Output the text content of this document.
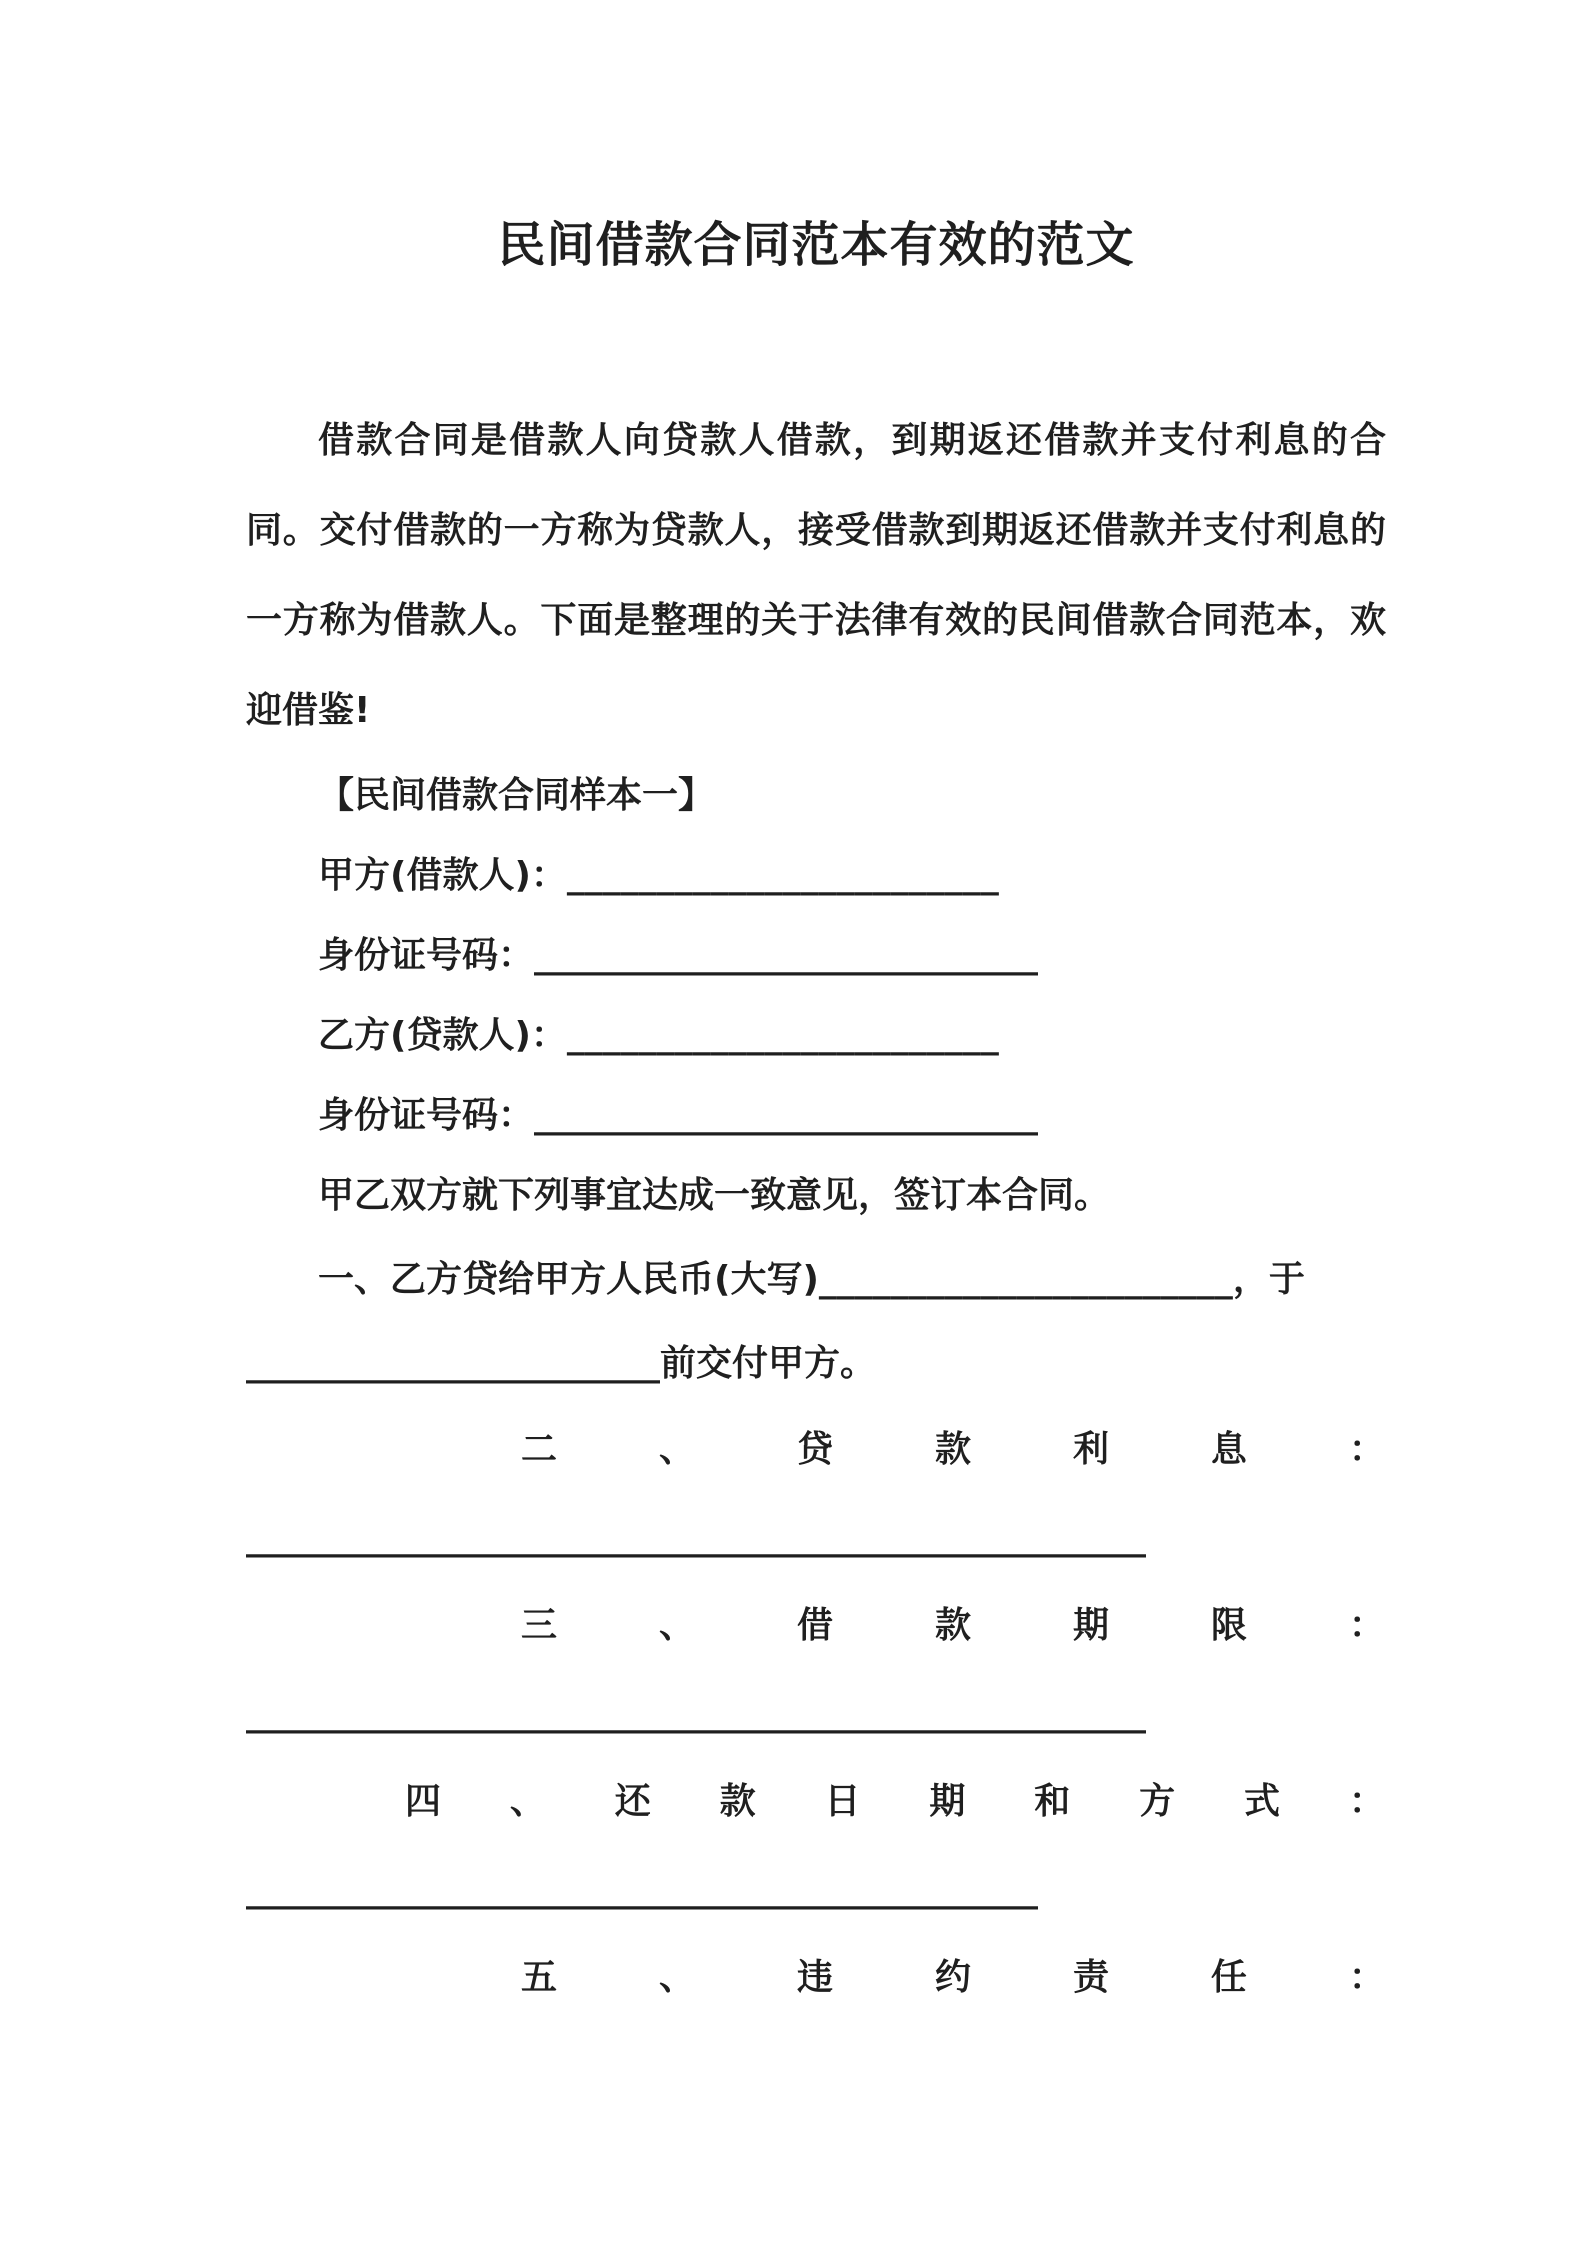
民间借款合同范本有效的范文

借款合同是借款人向贷款人借款，到期返还借款并支付利息的合同。交付借款的一方称为贷款人，接受借款到期返还借款并支付利息的一方称为借款人。下面是整理的关于法律有效的民间借款合同范本，欢迎借鉴!

【民间借款合同样本一】
甲方(借款人)：________________________
身份证号码：____________________________
乙方(贷款人)：________________________
身份证号码：____________________________
甲乙双方就下列事宜达成一致意见，签订本合同。
一、乙方贷给甲方人民币(大写)_______________________，于
_______________________前交付甲方。
二	、	贷	款	利	息	：
__________________________________________________
三	、	借	款	期	限	：
__________________________________________________
四 、 还 款 日 期 和 方 式 ：
____________________________________________
五	、	违	约	责	任	：
